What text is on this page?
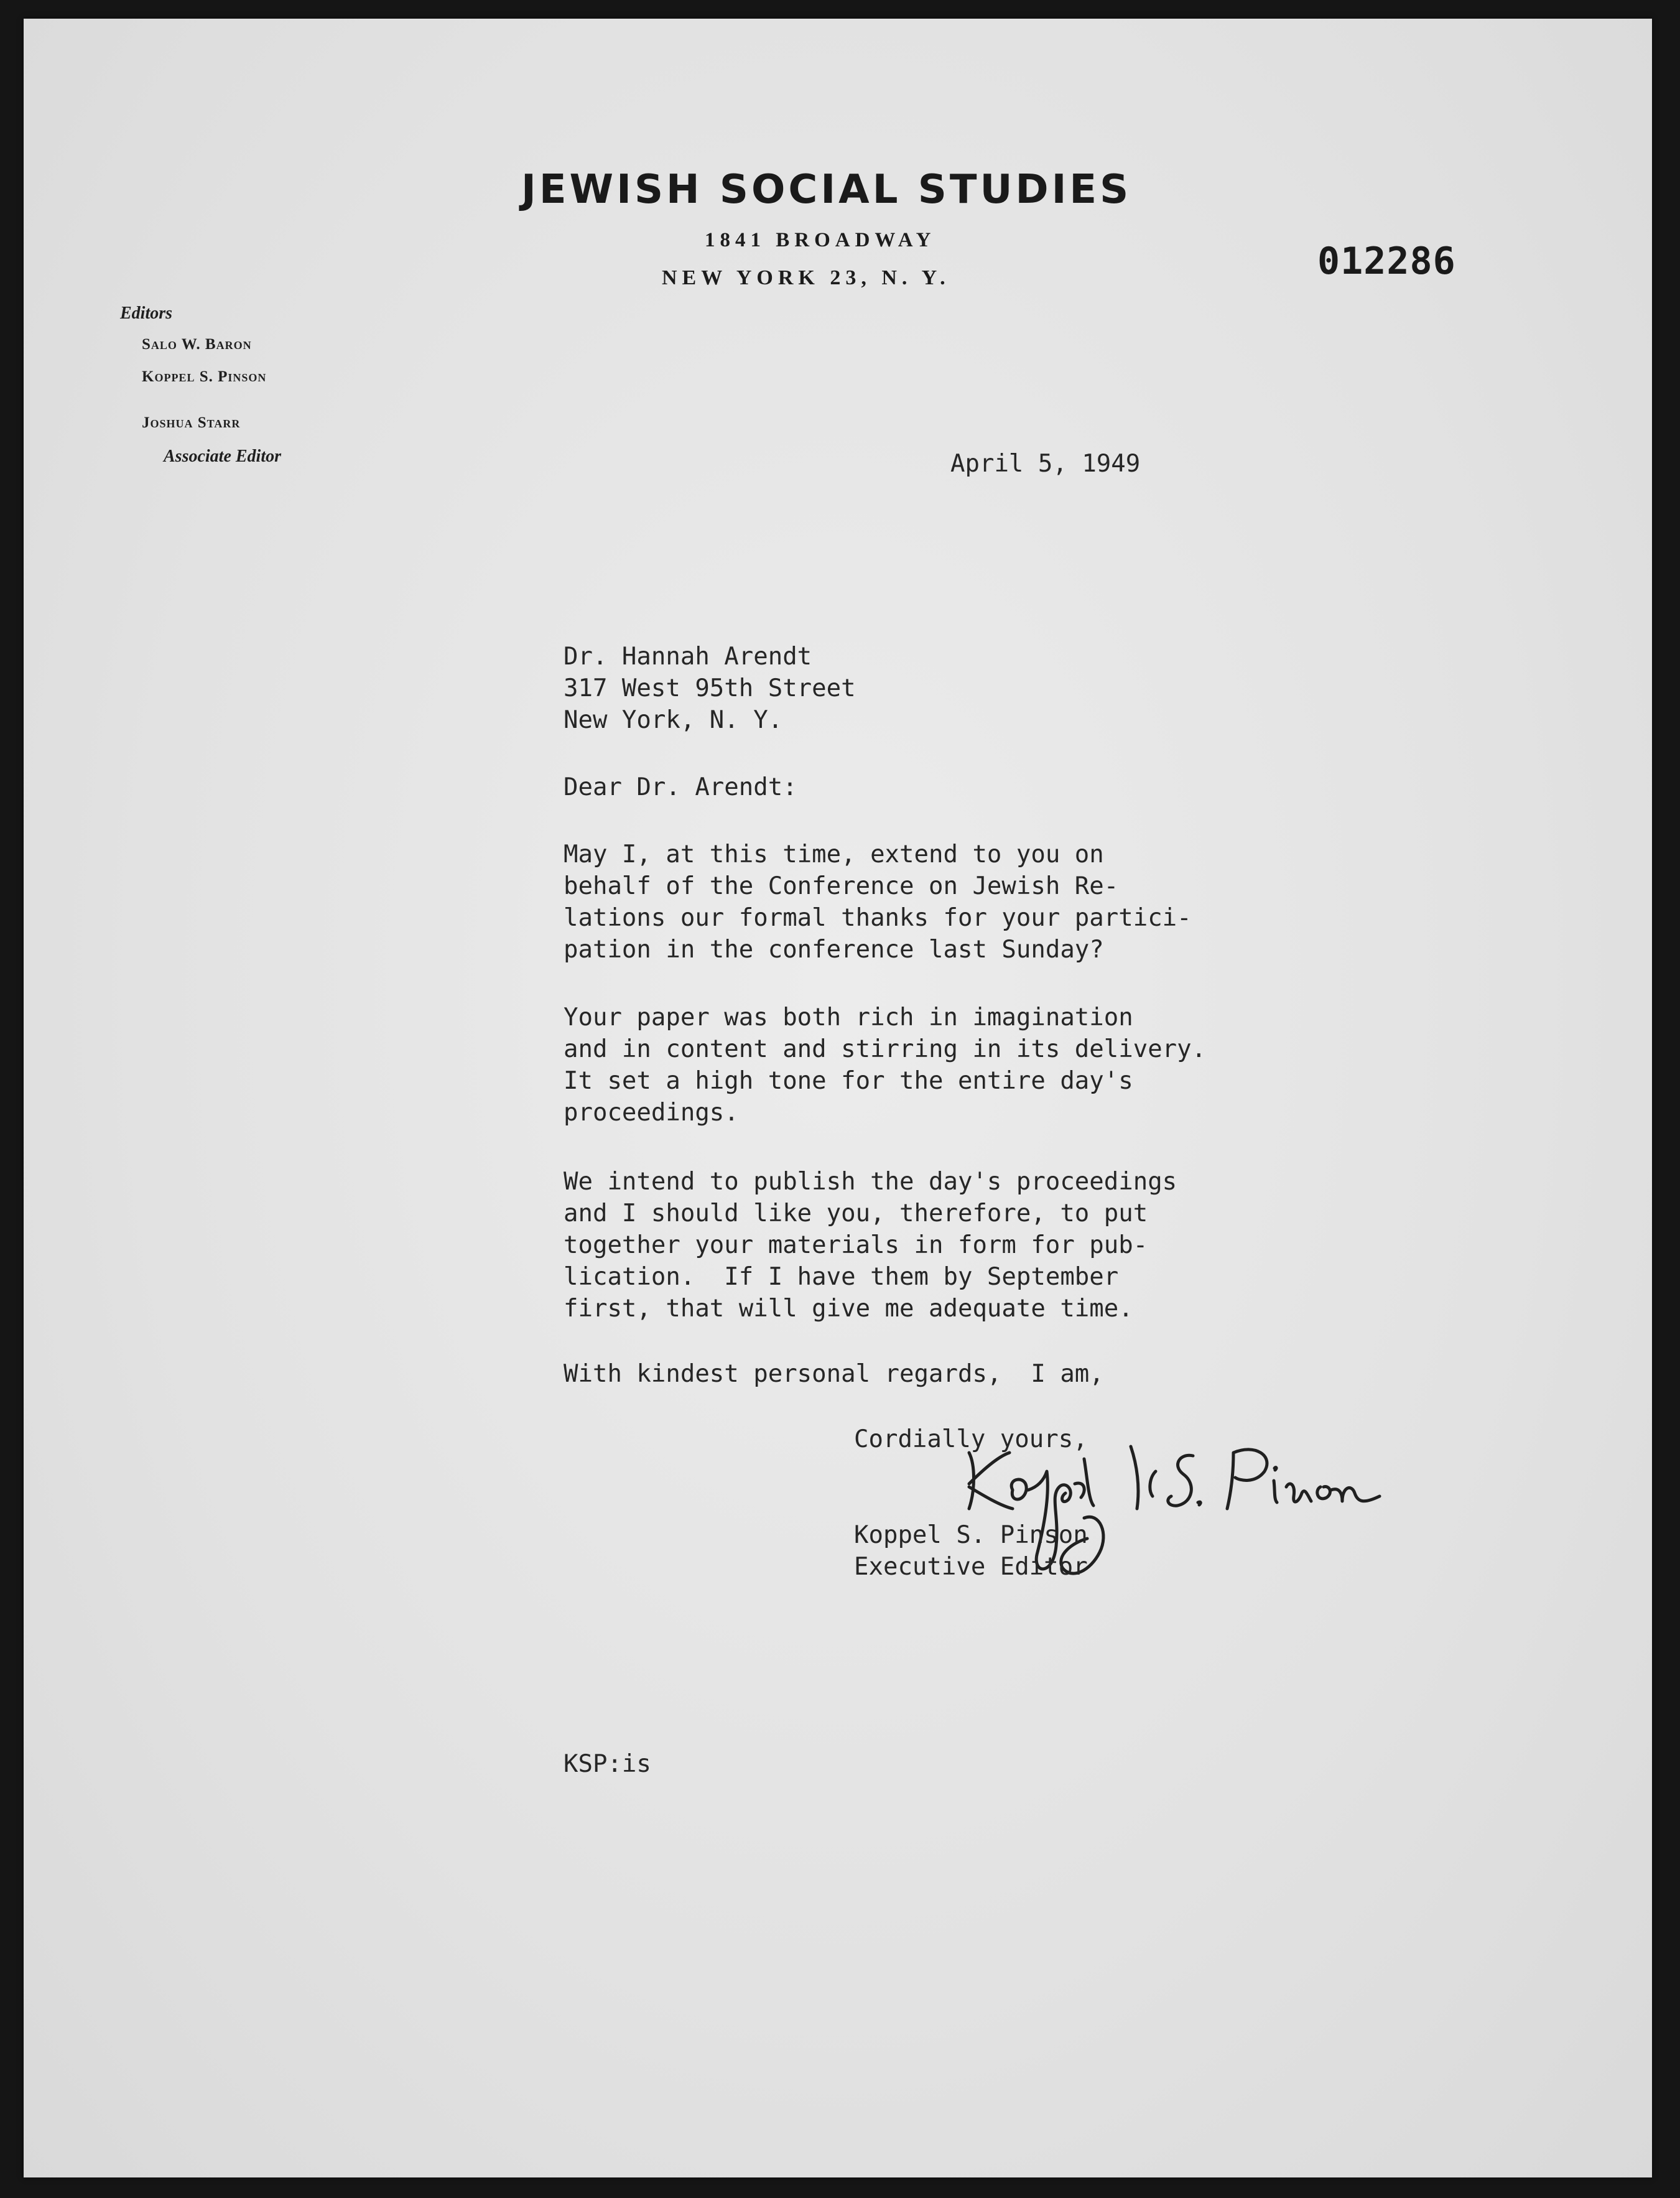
JEWISH SOCIAL STUDIES
1841 BROADWAY
NEW YORK 23, N. Y.	012286
Editors
Salo W. Baron
Koppel S. Pinson
Joshua Starr
Associate Editor	April 5, 1949
Dr. Hannah Arendt
317 West 95th Street
New York, N. Y.
Dear Dr. Arendt:
May I, at this time, extend to you on
behalf of the Conference on Jewish Re-
lations our formal thanks for your partici-
pation in the conference last Sunday?
Your paper was both rich in imagination
and in content and stirring in its delivery.
It set a high tone for the entire day's
proceedings.
We intend to publish the day's proceedings
and I should like you, therefore, to put
together your materials in form for pub-
lication.  If I have them by September
first, that will give me adequate time.
With kindest personal regards,  I am,
Cordially yours,
Koppel S. Pinson
Executive Editor
KSP:is
